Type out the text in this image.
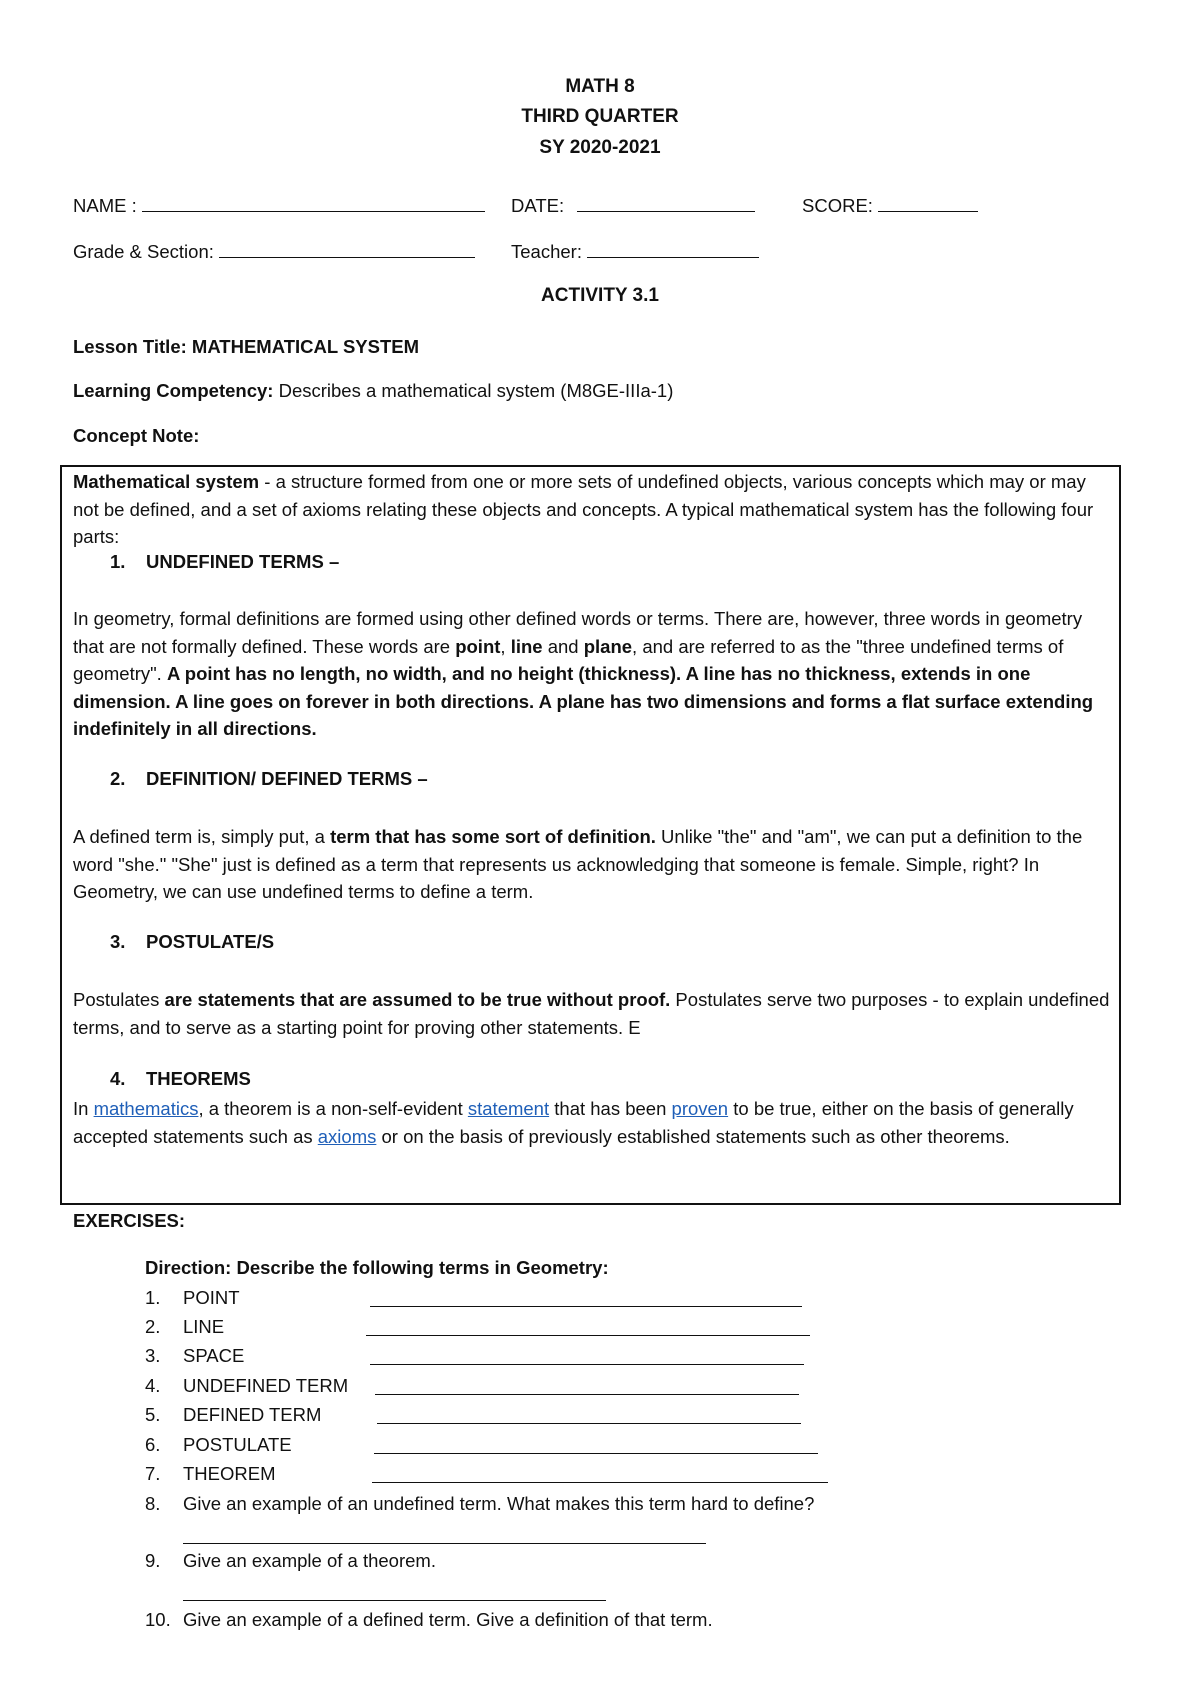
MATH 8
THIRD QUARTER
SY 2020-2021
NAME :	DATE:	SCORE:
Grade & Section:	Teacher:
ACTIVITY 3.1
Lesson Title: MATHEMATICAL SYSTEM
Learning Competency: Describes a mathematical system (M8GE-IIIa-1)
Concept Note:
Mathematical system - a structure formed from one or more sets of undefined objects, various concepts which may or may not be defined, and a set of axioms relating these objects and concepts. A typical mathematical system has the following four parts:
1. UNDEFINED TERMS –
In geometry, formal definitions are formed using other defined words or terms. There are, however, three words in geometry that are not formally defined. These words are point, line and plane, and are referred to as the "three undefined terms of geometry". A point has no length, no width, and no height (thickness). A line has no thickness, extends in one dimension. A line goes on forever in both directions. A plane has two dimensions and forms a flat surface extending indefinitely in all directions.
2. DEFINITION/ DEFINED TERMS –
A defined term is, simply put, a term that has some sort of definition. Unlike "the" and "am", we can put a definition to the word "she." "She" just is defined as a term that represents us acknowledging that someone is female. Simple, right? In Geometry, we can use undefined terms to define a term.
3. POSTULATE/S
Postulates are statements that are assumed to be true without proof. Postulates serve two purposes - to explain undefined terms, and to serve as a starting point for proving other statements. E
4. THEOREMS
In mathematics, a theorem is a non-self-evident statement that has been proven to be true, either on the basis of generally accepted statements such as axioms or on the basis of previously established statements such as other theorems.
EXERCISES:
Direction: Describe the following terms in Geometry:
1. POINT
2. LINE
3. SPACE
4. UNDEFINED TERM
5. DEFINED TERM
6. POSTULATE
7. THEOREM
8. Give an example of an undefined term. What makes this term hard to define?
9. Give an example of a theorem.
10. Give an example of a defined term. Give a definition of that term.
